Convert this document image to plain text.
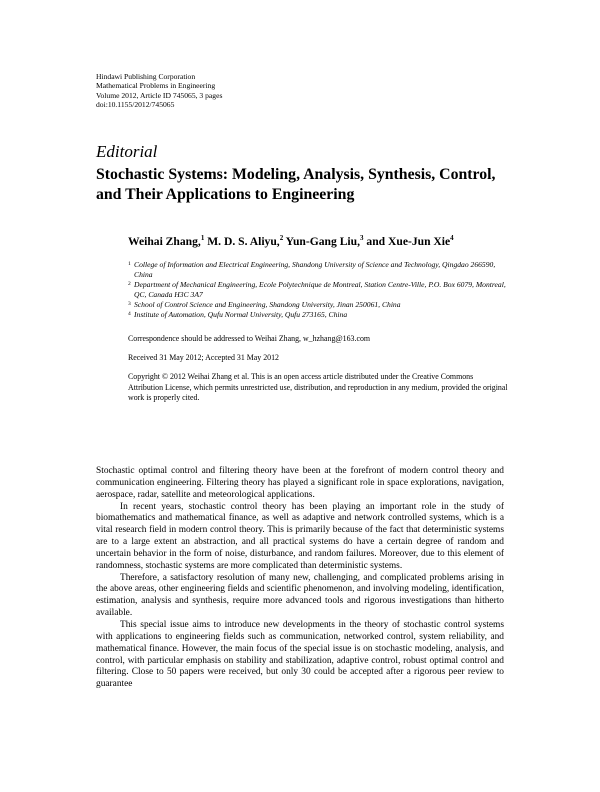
Hindawi Publishing Corporation
Mathematical Problems in Engineering
Volume 2012, Article ID 745065, 3 pages
doi:10.1155/2012/745065
Editorial
Stochastic Systems: Modeling, Analysis, Synthesis, Control, and Their Applications to Engineering
Weihai Zhang,$^1$ M. D. S. Aliyu,$^2$ Yun-Gang Liu,$^3$ and Xue-Jun Xie$^4$
1 College of Information and Electrical Engineering, Shandong University of Science and Technology, Qingdao 266590, China
2 Department of Mechanical Engineering, Ecole Polytechnique de Montreal, Station Centre-Ville, P.O. Box 6079, Montreal, QC, Canada H3C 3A7
3 School of Control Science and Engineering, Shandong University, Jinan 250061, China
4 Institute of Automation, Qufu Normal University, Qufu 273165, China
Correspondence should be addressed to Weihai Zhang, w_hzhang@163.com
Received 31 May 2012; Accepted 31 May 2012
Copyright © 2012 Weihai Zhang et al. This is an open access article distributed under the Creative Commons Attribution License, which permits unrestricted use, distribution, and reproduction in any medium, provided the original work is properly cited.

Stochastic optimal control and filtering theory have been at the forefront of modern control theory and communication engineering. Filtering theory has played a significant role in space explorations, navigation, aerospace, radar, satellite and meteorological applications.

In recent years, stochastic control theory has been playing an important role in the study of biomathematics and mathematical finance, as well as adaptive and network controlled systems, which is a vital research field in modern control theory. This is primarily because of the fact that deterministic systems are to a large extent an abstraction, and all practical systems do have a certain degree of random and uncertain behavior in the form of noise, disturbance, and random failures. Moreover, due to this element of randomness, stochastic systems are more complicated than deterministic systems.

Therefore, a satisfactory resolution of many new, challenging, and complicated problems arising in the above areas, other engineering fields and scientific phenomenon, and involving modeling, identification, estimation, analysis and synthesis, require more advanced tools and rigorous investigations than hitherto available.

This special issue aims to introduce new developments in the theory of stochastic control systems with applications to engineering fields such as communication, networked control, system reliability, and mathematical finance. However, the main focus of the special issue is on stochastic modeling, analysis, and control, with particular emphasis on stability and stabilization, adaptive control, robust optimal control and filtering. Close to 50 papers were received, but only 30 could be accepted after a rigorous peer review to guarantee
